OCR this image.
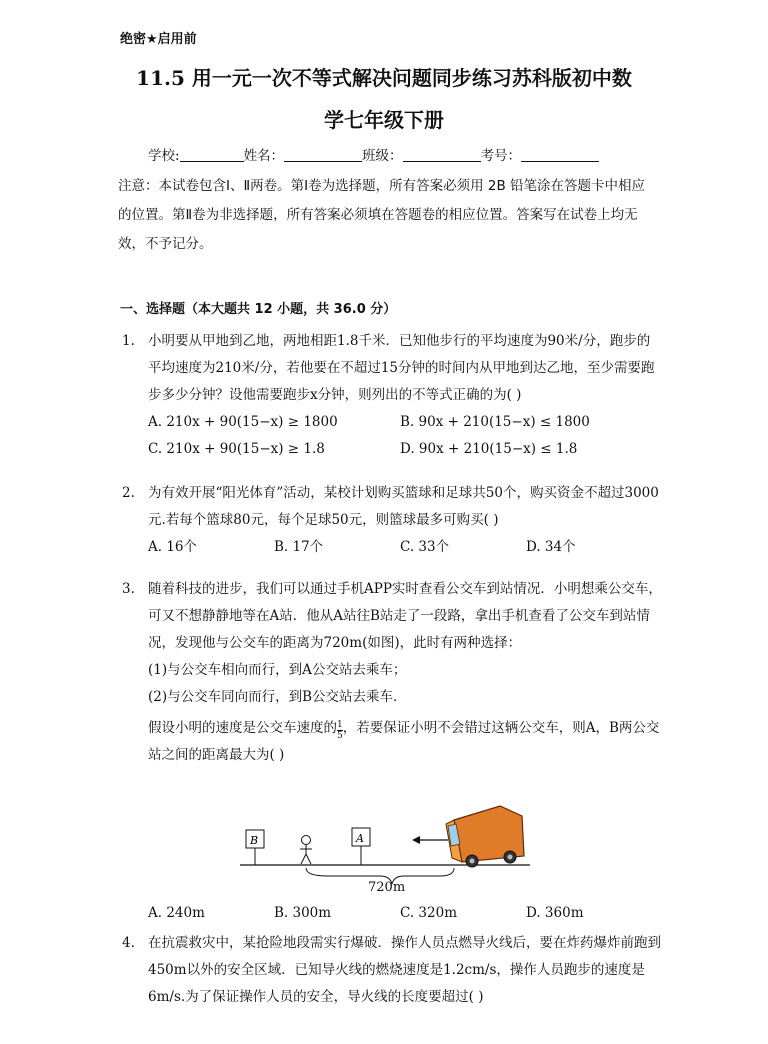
绝密★启用前
11.5 用一元一次不等式解决问题同步练习苏科版初中数
学七年级下册
学校:	姓名：	班级：	考号：
注意：本试卷包含Ⅰ、Ⅱ两卷。第Ⅰ卷为选择题，所有答案必须用 2B 铅笔涂在答题卡中相应的位置。第Ⅱ卷为非选择题，所有答案必须填在答题卷的相应位置。答案写在试卷上均无效，不予记分。
一、选择题（本大题共 12 小题，共 36.0 分）
1. 小明要从甲地到乙地，两地相距1.8千米．已知他步行的平均速度为90米/分，跑步的平均速度为210米/分，若他要在不超过15分钟的时间内从甲地到达乙地，至少需要跑步多少分钟？设他需要跑步x分钟，则列出的不等式正确的为( )
A. 210x + 90(15−x) ≥ 1800	B. 90x + 210(15−x) ≤ 1800
C. 210x + 90(15−x) ≥ 1.8	D. 90x + 210(15−x) ≤ 1.8
2. 为有效开展“阳光体育”活动，某校计划购买篮球和足球共50个，购买资金不超过3000元.若每个篮球80元，每个足球50元，则篮球最多可购买( )
A. 16个	B. 17个	C. 33个	D. 34个
3. 随着科技的进步，我们可以通过手机APP实时查看公交车到站情况．小明想乘公交车，可又不想静静地等在A站．他从A站往B站走了一段路，拿出手机查看了公交车到站情况，发现他与公交车的距离为720m(如图)，此时有两种选择：
(1)与公交车相向而行，到A公交站去乘车；
(2)与公交车同向而行，到B公交站去乘车．
假设小明的速度是公交车速度的 $\frac{1}{5}$ ，若要保证小明不会错过这辆公交车，则A，B两公交站之间的距离最大为( )
B	A
720m
A. 240m	B. 300m	C. 320m	D. 360m
4. 在抗震救灾中，某抢险地段需实行爆破．操作人员点燃导火线后，要在炸药爆炸前跑到450m以外的安全区域．已知导火线的燃烧速度是1.2cm/s，操作人员跑步的速度是6m/s.为了保证操作人员的安全，导火线的长度要超过( )
